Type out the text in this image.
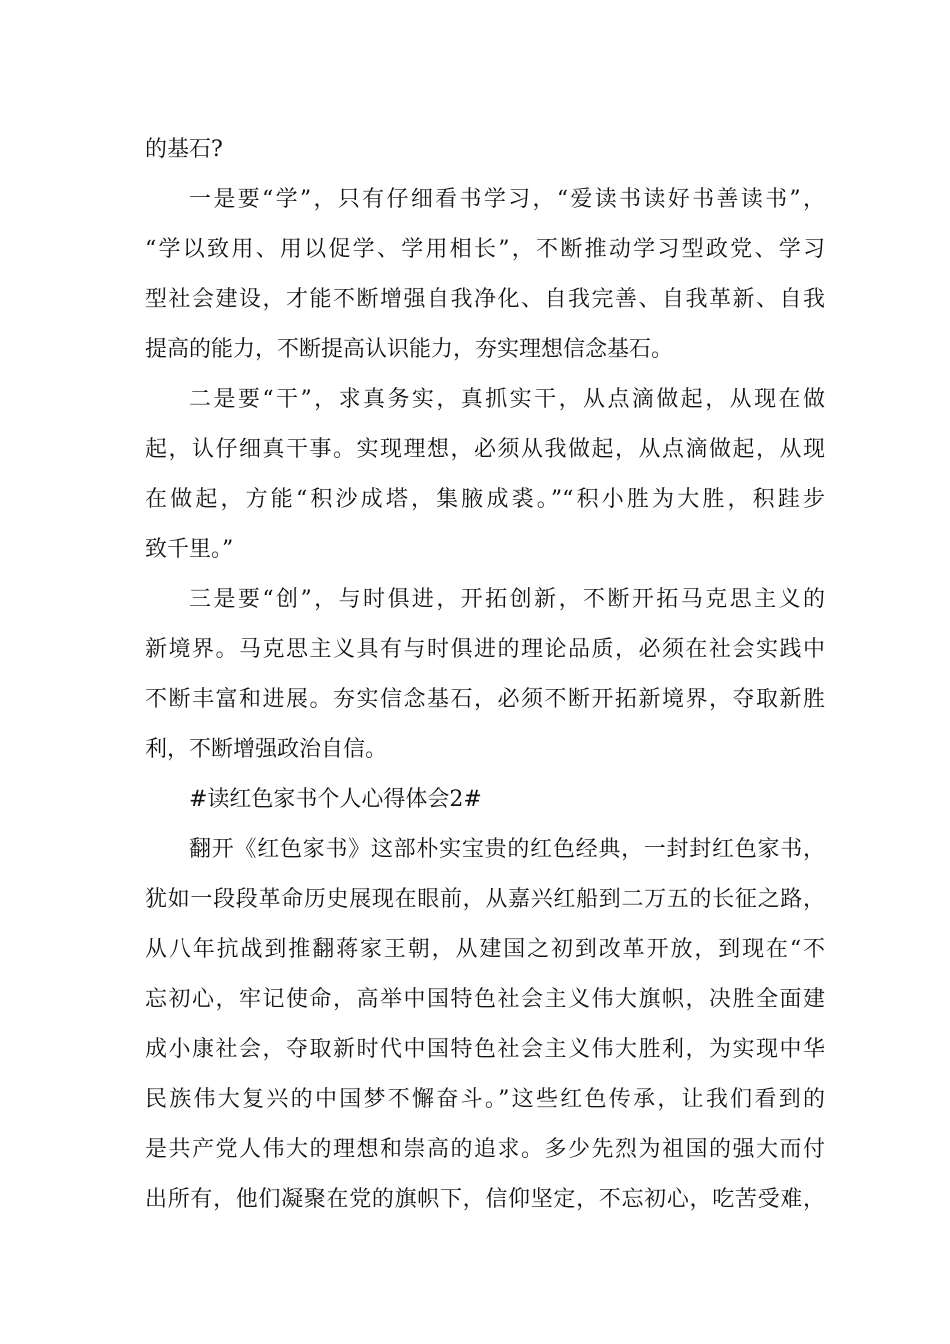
的基石?
一是要“学”，只有仔细看书学习，“爱读书读好书善读书”，
“学以致用、用以促学、学用相长”，不断推动学习型政党、学习
型社会建设，才能不断增强自我净化、自我完善、自我革新、自我
提高的能力，不断提高认识能力，夯实理想信念基石。
二是要“干”，求真务实，真抓实干，从点滴做起，从现在做
起，认仔细真干事。实现理想，必须从我做起，从点滴做起，从现
在做起，方能“积沙成塔，集腋成裘。”“积小胜为大胜，积跬步
致千里。”
三是要“创”，与时俱进，开拓创新，不断开拓马克思主义的
新境界。马克思主义具有与时俱进的理论品质，必须在社会实践中
不断丰富和进展。夯实信念基石，必须不断开拓新境界，夺取新胜
利，不断增强政治自信。
#读红色家书个人心得体会2#
翻开《红色家书》这部朴实宝贵的红色经典，一封封红色家书，
犹如一段段革命历史展现在眼前，从嘉兴红船到二万五的长征之路，
从八年抗战到推翻蒋家王朝，从建国之初到改革开放，到现在“不
忘初心，牢记使命，高举中国特色社会主义伟大旗帜，决胜全面建
成小康社会，夺取新时代中国特色社会主义伟大胜利，为实现中华
民族伟大复兴的中国梦不懈奋斗。”这些红色传承，让我们看到的
是共产党人伟大的理想和崇高的追求。多少先烈为祖国的强大而付
出所有，他们凝聚在党的旗帜下，信仰坚定，不忘初心，吃苦受难，
